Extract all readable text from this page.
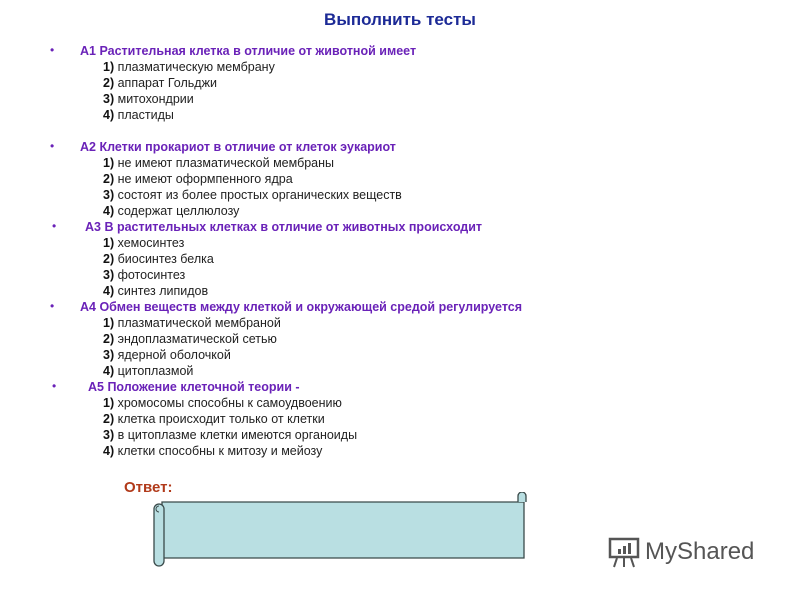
Выполнить тесты
• A1 Растительная клетка в отличие от животной имеет
1) плазматическую мембрану
2) аппарат Гольджи
3) митохондрии
4) пластиды
• A2 Клетки прокариот в отличие от клеток эукариот
1) не имеют плазматической мембраны
2) не имеют оформпенного ядра
3) состоят из более простых органических веществ
4) содержат целлюлозу
• A3 В растительных клетках в отличие от животных происходит
1) хемосинтез
2) биосинтез белка
3) фотосинтез
4) синтез липидов
• A4 Обмен веществ между клеткой и окружающей средой регулируется
1) плазматической мембраной
2) эндоплазматической сетью
3) ядерной оболочкой
4) цитоплазмой
•	A5 Положение клеточной теории -
1) хромосомы способны к самоудвоению
2) клетка происходит только от клетки
3) в цитоплазме клетки имеются органоиды
4) клетки способны к митозу и мейозу
Ответ:
MyShared
